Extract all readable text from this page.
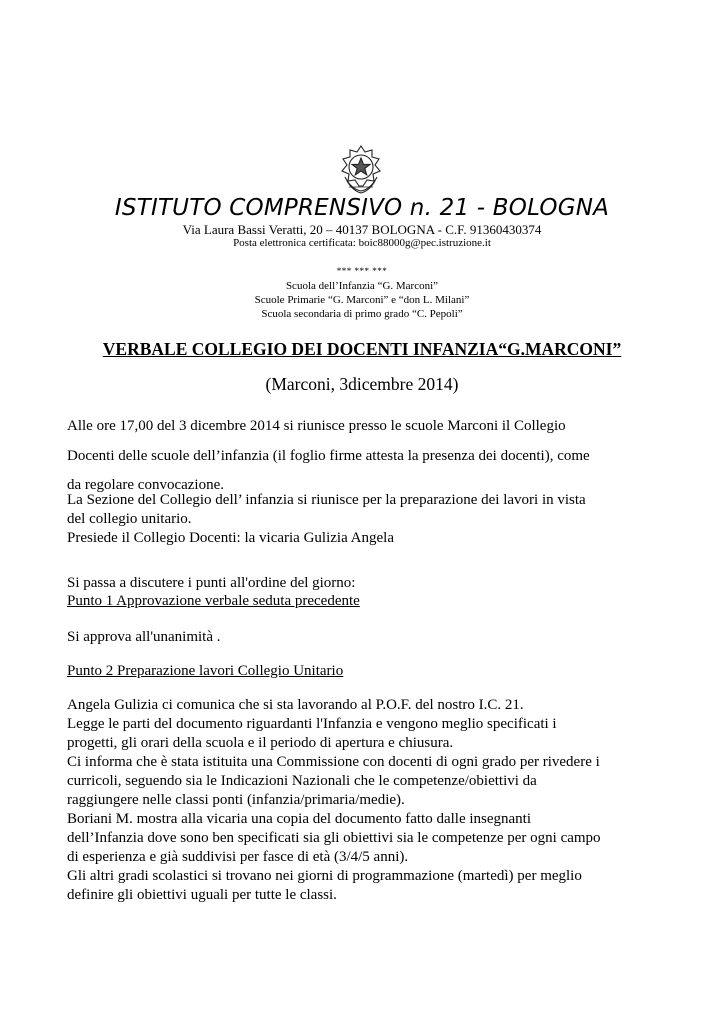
ISTITUTO COMPRENSIVO n. 21 - BOLOGNA
Via Laura Bassi Veratti, 20 – 40137 BOLOGNA - C.F. 91360430374
Posta elettronica certificata: boic88000g@pec.istruzione.it
*** *** ***
Scuola dell’Infanzia “G. Marconi”
Scuole Primarie “G. Marconi” e “don L. Milani”
Scuola secondaria di primo grado “C. Pepoli”
VERBALE COLLEGIO DEI DOCENTI INFANZIA“G.MARCONI”
(Marconi, 3dicembre 2014)
Alle ore 17,00 del 3 dicembre 2014 si riunisce presso le scuole Marconi il Collegio
Docenti delle scuole dell’infanzia (il foglio firme attesta la presenza dei docenti), come
da regolare convocazione.
La Sezione del Collegio dell’ infanzia si riunisce per la preparazione dei lavori in vista
del collegio unitario.
Presiede il Collegio Docenti: la vicaria Gulizia Angela
Si passa a discutere i punti all'ordine del giorno:
Punto 1 Approvazione verbale seduta precedente
Si approva all'unanimità .
Punto 2 Preparazione lavori Collegio Unitario
Angela Gulizia ci comunica che si sta lavorando al P.O.F. del nostro I.C. 21.
Legge le parti del documento riguardanti l'Infanzia e vengono meglio specificati i
progetti, gli orari della scuola e il periodo di apertura e chiusura.
Ci informa che è stata istituita una Commissione con docenti di ogni grado per rivedere i
curricoli, seguendo sia le Indicazioni Nazionali che le competenze/obiettivi da
raggiungere nelle classi ponti (infanzia/primaria/medie).
Boriani M. mostra alla vicaria una copia del documento fatto dalle insegnanti
dell’Infanzia dove sono ben specificati sia gli obiettivi sia le competenze per ogni campo
di esperienza e già suddivisi per fasce di età (3/4/5 anni).
Gli altri gradi scolastici si trovano nei giorni di programmazione (martedì) per meglio
definire gli obiettivi uguali per tutte le classi.
